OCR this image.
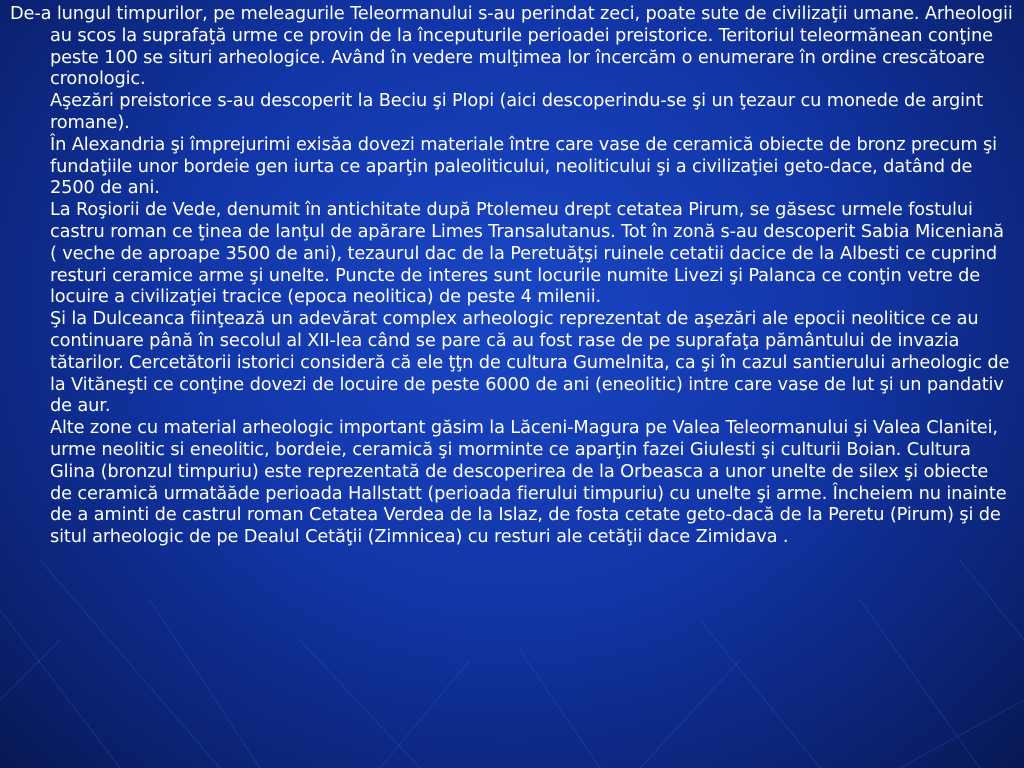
De-a lungul timpurilor, pe meleagurile Teleormanului s-au perindat zeci, poate sute de civilizaţii umane. Arheologii au scos la suprafaţă urme ce provin de la începuturile perioadei preistorice. Teritoriul teleormănean conţine peste 100 se situri arheologice. Având în vedere mulţimea lor încercăm o enumerare în ordine crescătoare cronologic.

Aşezări preistorice s-au descoperit la Beciu şi Plopi (aici descoperindu-se şi un ţezaur cu monede de argint romane).

În Alexandria şi împrejurimi exisăa dovezi materiale între care vase de ceramică obiecte de bronz precum şi fundaţiile unor bordeie gen iurta ce aparţin paleoliticului, neoliticului şi a civilizaţiei geto-dace, datând de 2500 de ani.

La Roşiorii de Vede, denumit în antichitate după Ptolemeu drept cetatea Pirum, se găsesc urmele fostului castru roman ce ţinea de lanţul de apărare Limes Transalutanus. Tot în zonă s-au descoperit Sabia Miceniană ( veche de aproape 3500 de ani), tezaurul dac de la Peretuăţşi ruinele cetatii dacice de la Albesti ce cuprind resturi ceramice arme şi unelte. Puncte de interes sunt locurile numite Livezi şi Palanca ce conţin vetre de locuire a civilizaţiei tracice (epoca neolitica) de peste 4 milenii.

Şi la Dulceanca fiinţează un adevărat complex arheologic reprezentat de aşezări ale epocii neolitice ce au continuare până în secolul al XII-lea când se pare că au fost rase de pe suprafaţa pământului de invazia tătarilor. Cercetătorii istorici consideră că ele ţţn de cultura Gumelnita, ca şi în cazul santierului arheologic de la Vităneşti ce conţine dovezi de locuire de peste 6000 de ani (eneolitic) intre care vase de lut şi un pandativ de aur.

Alte zone cu material arheologic important găsim la Lăceni-Magura pe Valea Teleormanului şi Valea Clanitei, urme neolitic si eneolitic, bordeie, ceramică şi morminte ce aparţin fazei Giulesti şi culturii Boian. Cultura Glina (bronzul timpuriu) este reprezentată de descoperirea de la Orbeasca a unor unelte de silex şi obiecte de ceramică urmatăăde perioada Hallstatt (perioada fierului timpuriu) cu unelte şi arme. Încheiem nu inainte de a aminti de castrul roman Cetatea Verdea de la Islaz, de fosta cetate geto-dacă de la Peretu (Pirum) şi de situl arheologic de pe Dealul Cetăţii (Zimnicea) cu resturi ale cetăţii dace Zimidava .
